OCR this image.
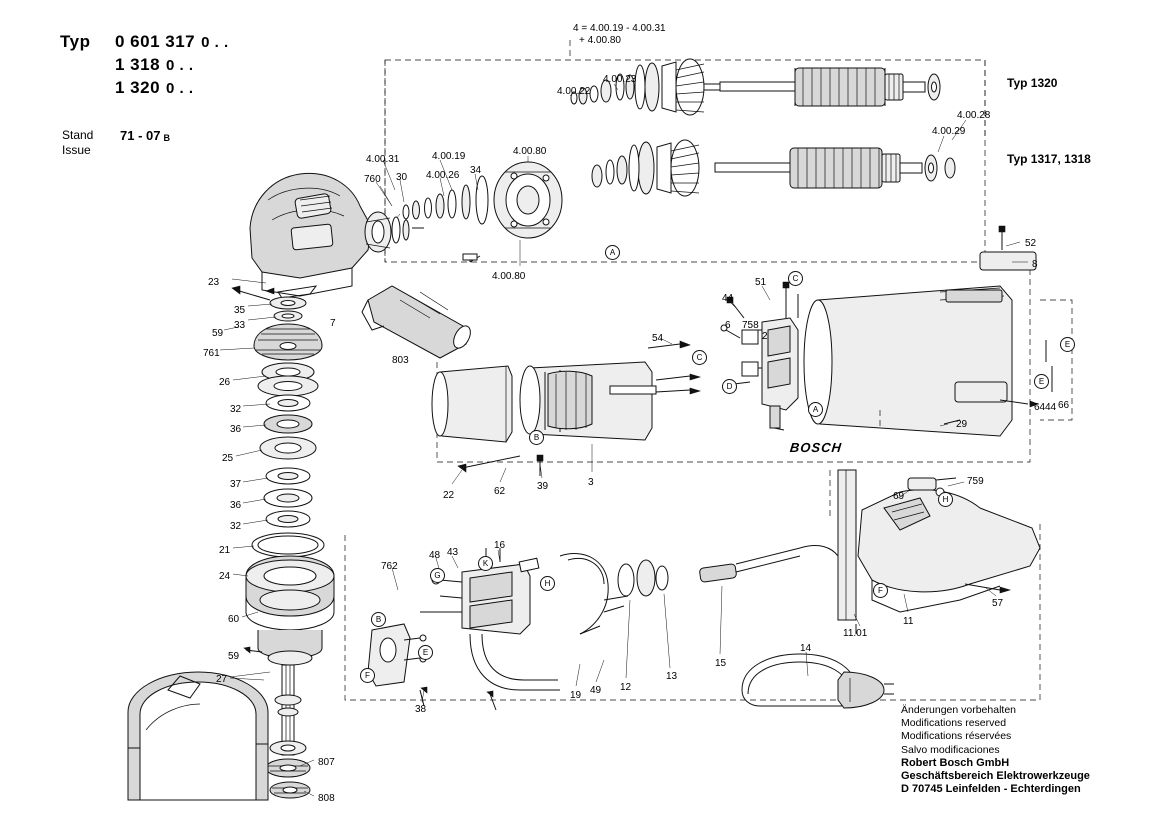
Typ	0 601 317 0 . .
1 318 0 . .
1 320 0 . .
Stand	71 - 07 B
Issue
Typ 1320
Typ 1317, 1318
BOSCH
Änderungen vorbehalten
Modifications reserved
Modifications réservées
Salvo modificaciones
Robert Bosch GmbH
Geschäftsbereich Elektrowerkzeuge
D 70745 Leinfelden - Echterdingen
4 = 4.00.19 - 4.00.31
+ 4.00.80
4.00.22
4.00.23
4.00.28
4.00.29
4.00.31	4.00.19
4.00.26
4.00.80
4.00.80
34
760 30
23
35
33
59
7
761
803
26
32
36
25
37
36
32
21
24
60
59
27
807
808
52
8
51
44
758
2
6
54
29
64 44 66
22	62	39	3	759
69
11
11.01
57
762
48 43
16
38
19 49 12
13
15
14
A
A
B
C
C
D
E
E
B
E
F
F
G
H
H
K
